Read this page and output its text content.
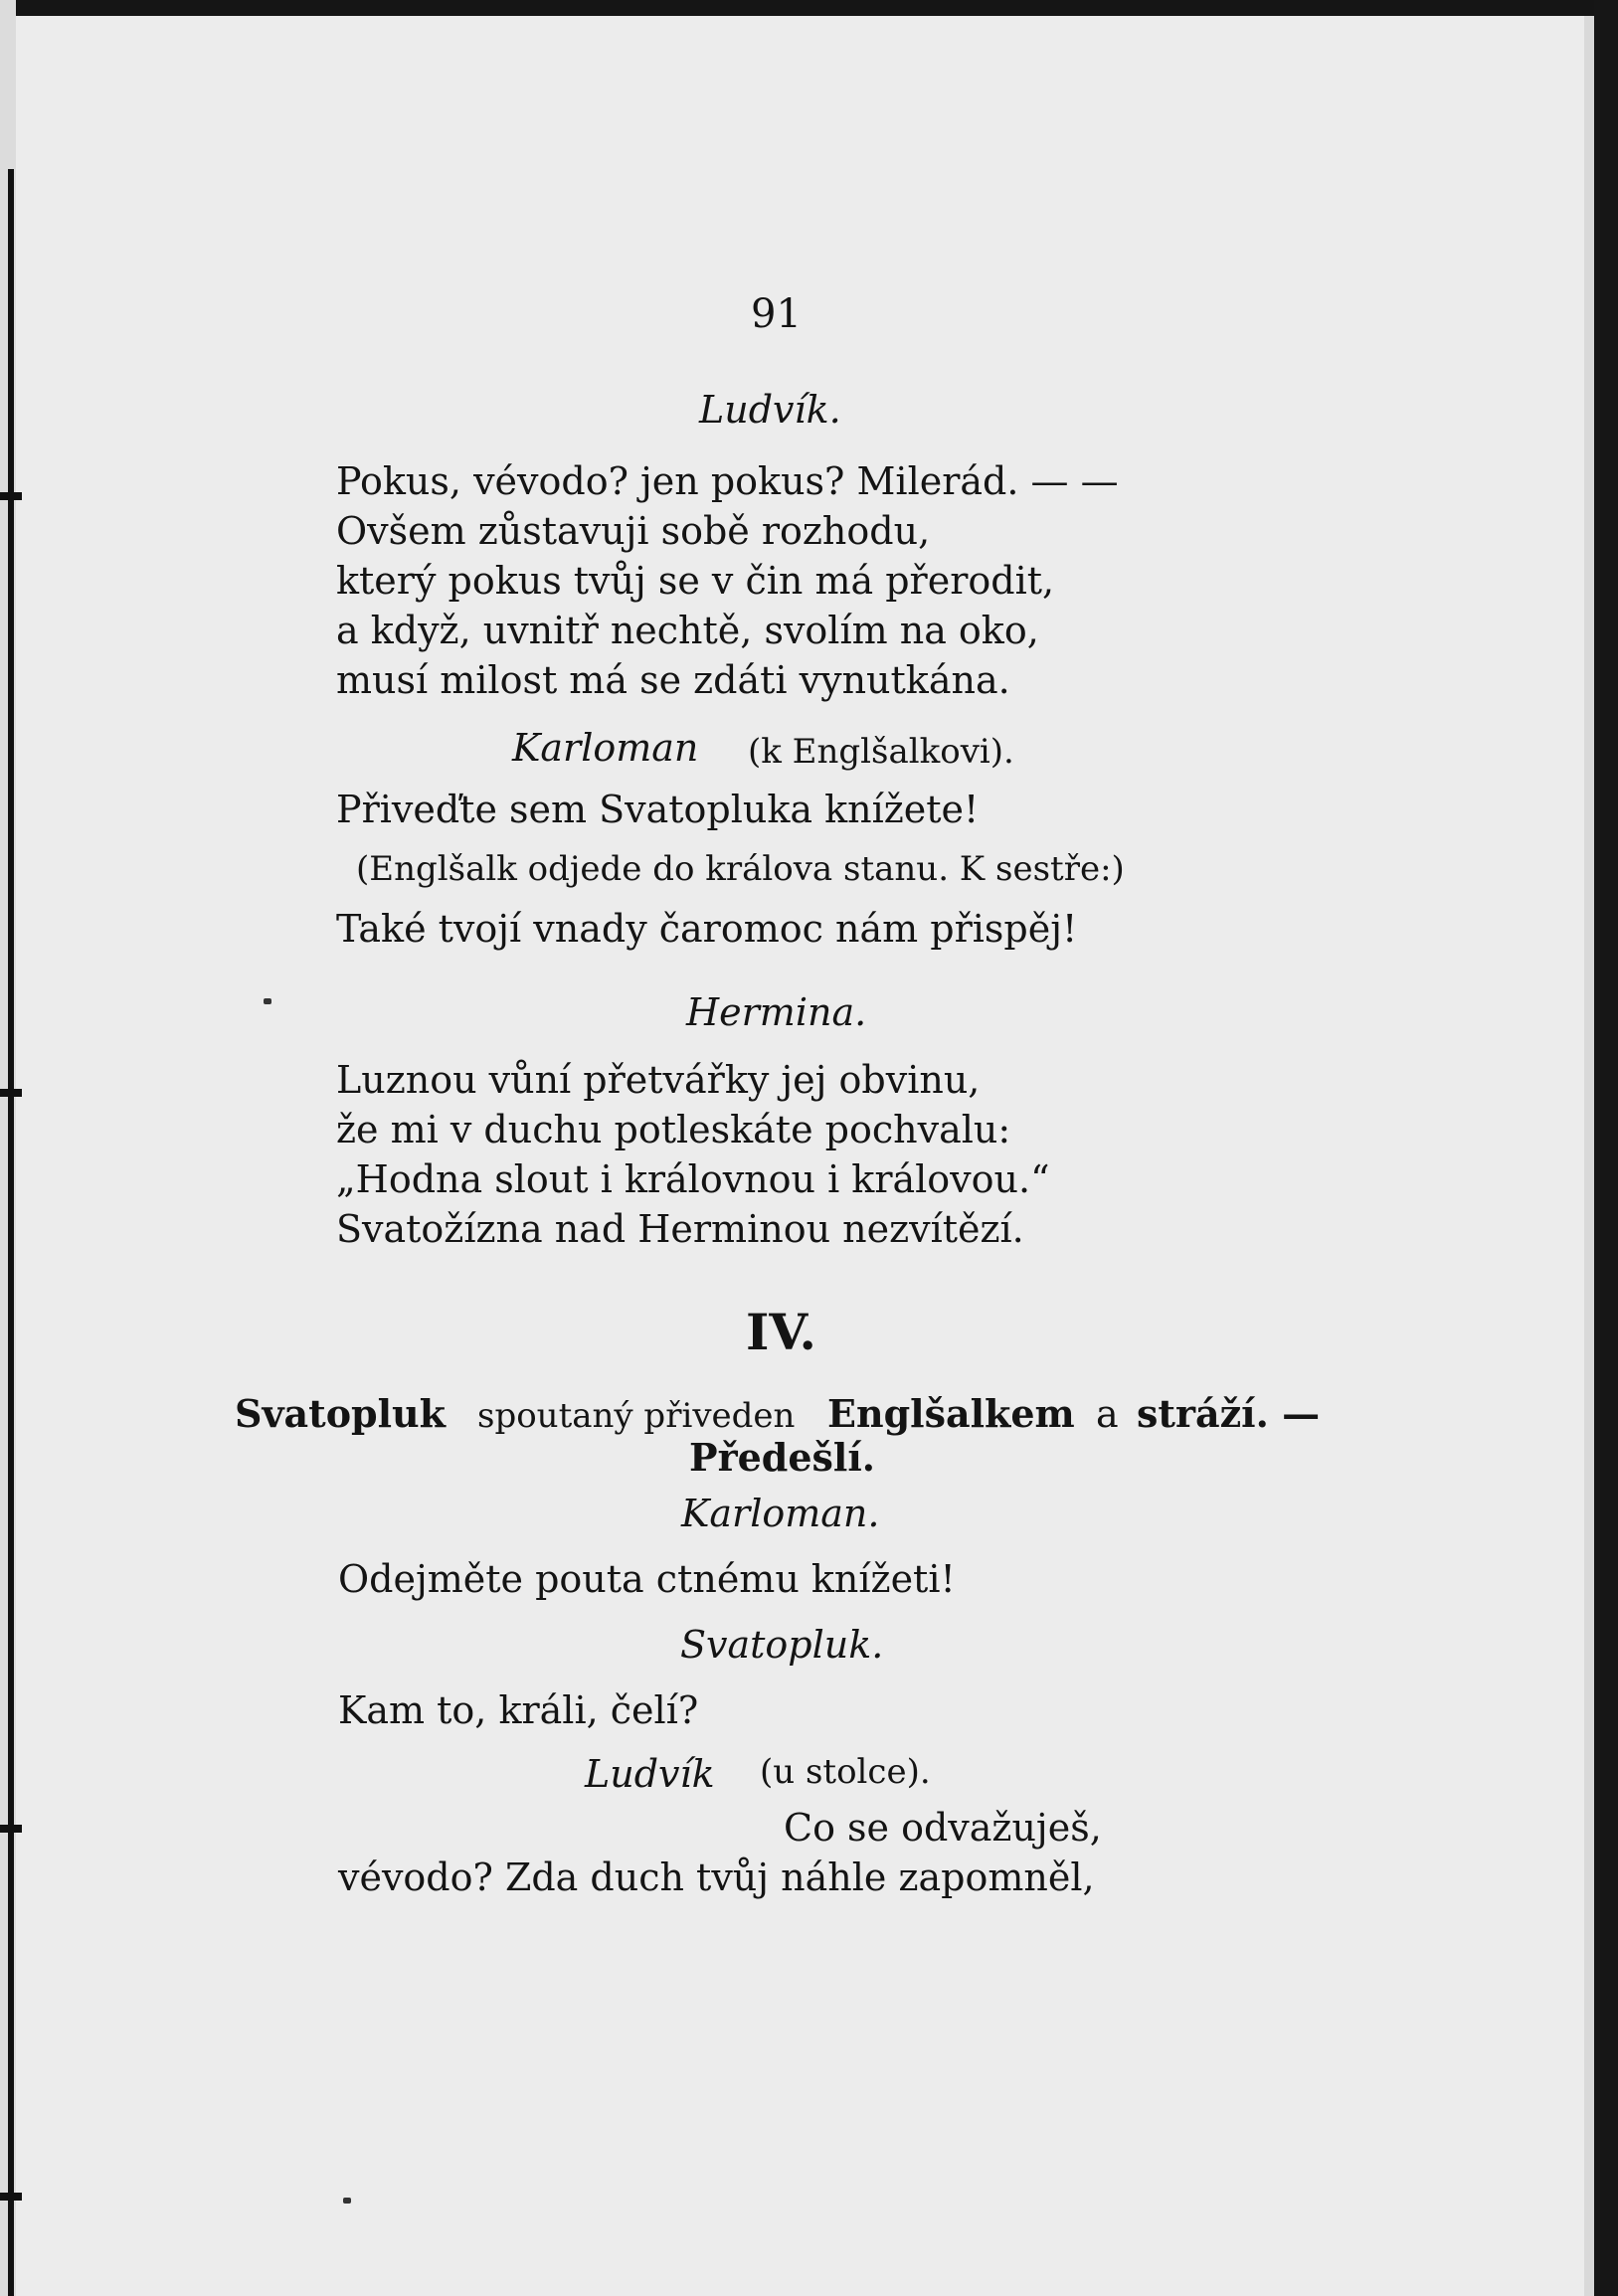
91
Ludvík.
Pokus, vévodo? jen pokus? Milerád. — —
Ovšem zůstavuji sobě rozhodu,
který pokus tvůj se v čin má přerodit,
a když, uvnitř nechtě, svolím na oko,
musí milost má se zdáti vynutkána.
Karloman (k Englšalkovi).
Přiveďte sem Svatopluka knížete!
(Englšalk odjede do králova stanu. K sestře:)
Také tvojí vnady čaromoc nám přispěj!
Hermina.
Luznou vůní přetvářky jej obvinu,
že mi v duchu potleskáte pochvalu:
„Hodna slout i královnou i královou.“
Svatožízna nad Herminou nezvítězí.
IV.
Svatopluk spoutaný přiveden Englšalkem a stráží. —
Předešlí.
Karloman.
Odejměte pouta ctnému knížeti!
Svatopluk.
Kam to, králi, čelí?
Ludvík (u stolce).
Co se odvažuješ,
vévodo? Zda duch tvůj náhle zapomněl,
